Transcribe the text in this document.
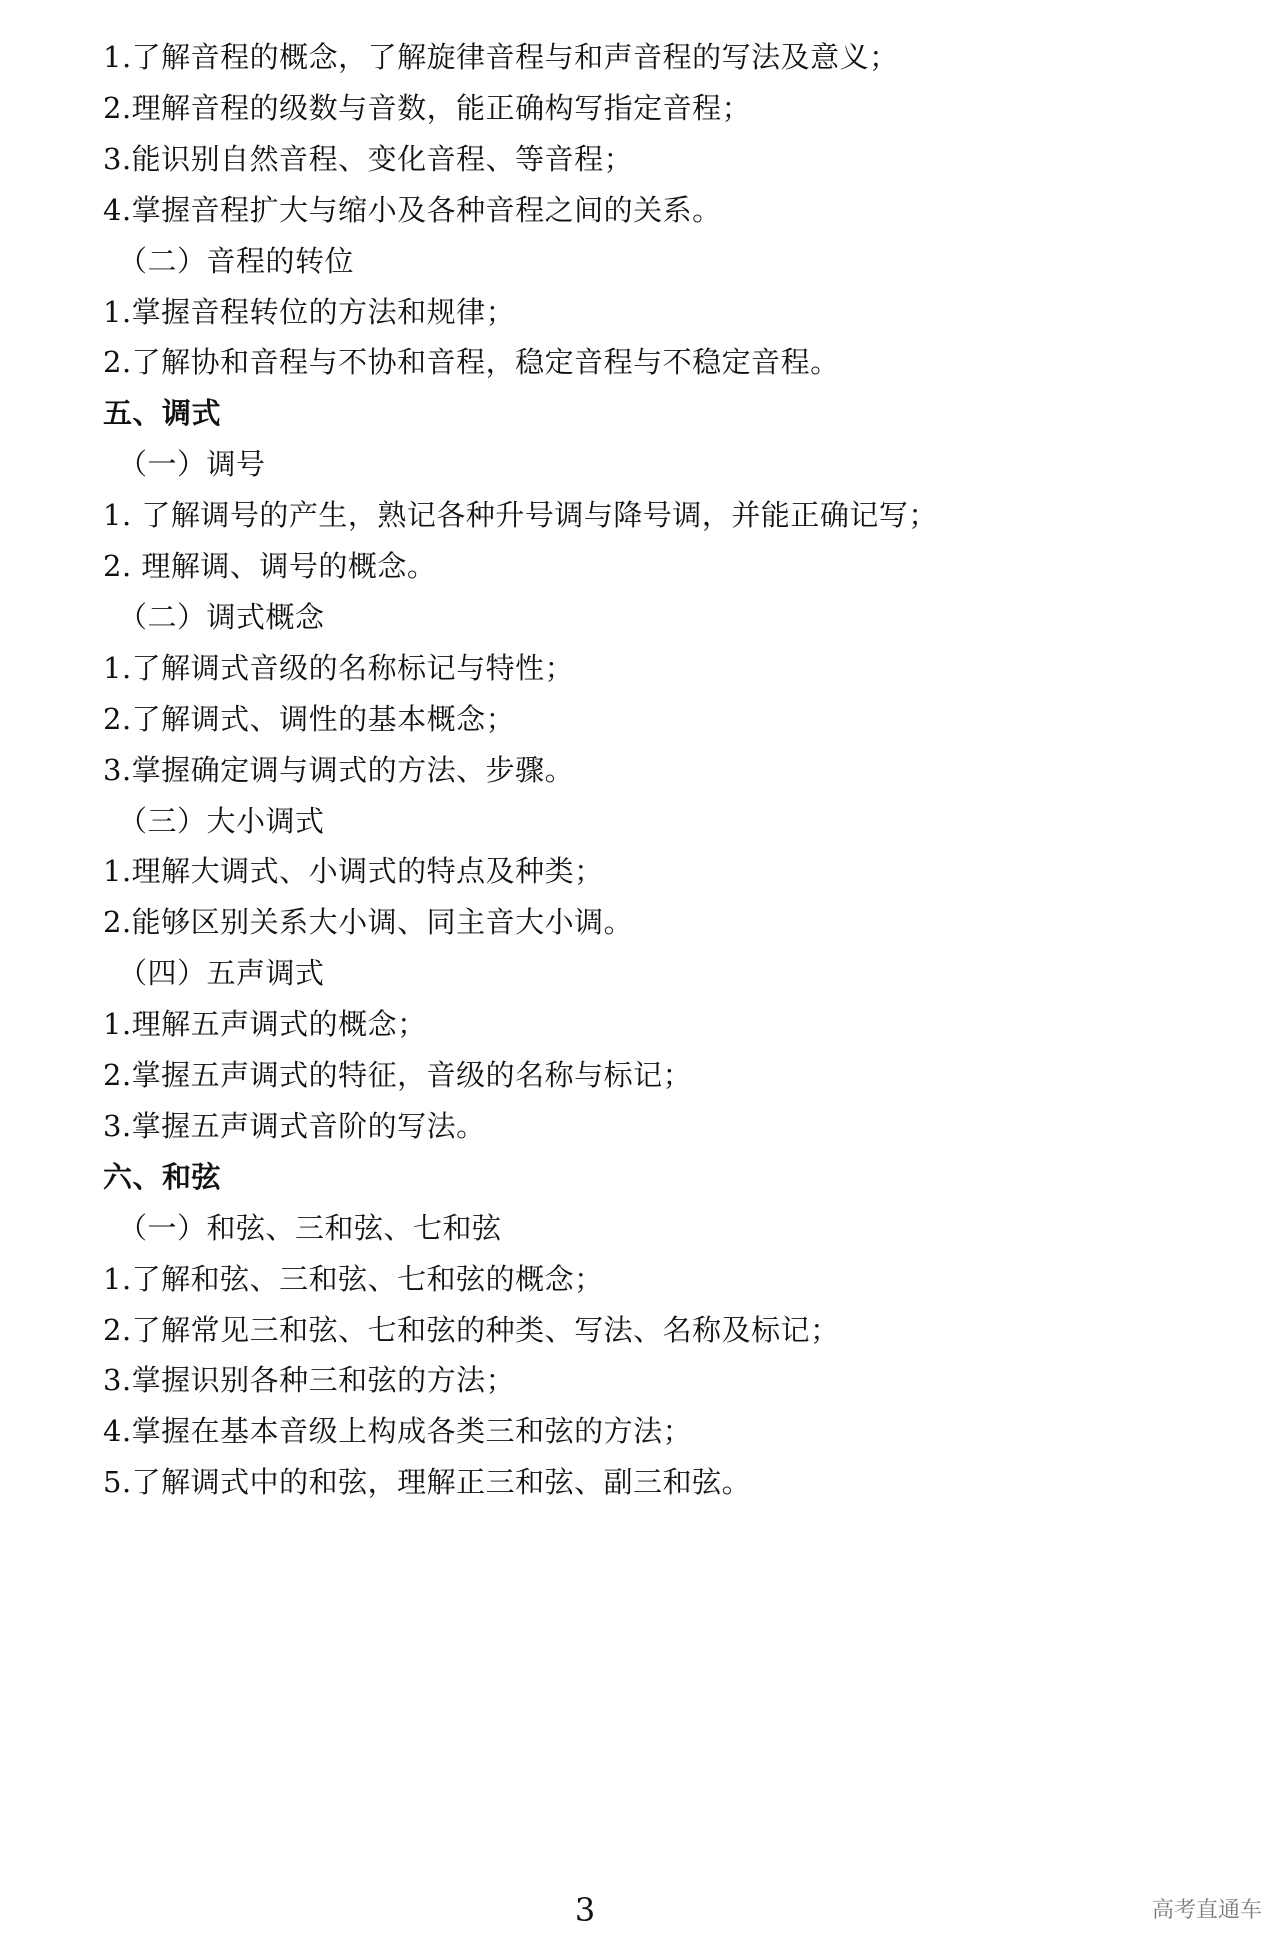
1.了解音程的概念，了解旋律音程与和声音程的写法及意义；
2.理解音程的级数与音数，能正确构写指定音程；
3.能识别自然音程、变化音程、等音程；
4.掌握音程扩大与缩小及各种音程之间的关系。
（二）音程的转位
1.掌握音程转位的方法和规律；
2.了解协和音程与不协和音程，稳定音程与不稳定音程。
五、调式
（一）调号
1. 了解调号的产生，熟记各种升号调与降号调，并能正确记写；
2. 理解调、调号的概念。
（二）调式概念
1.了解调式音级的名称标记与特性；
2.了解调式、调性的基本概念；
3.掌握确定调与调式的方法、步骤。
（三）大小调式
1.理解大调式、小调式的特点及种类；
2.能够区别关系大小调、同主音大小调。
（四）五声调式
1.理解五声调式的概念；
2.掌握五声调式的特征，音级的名称与标记；
3.掌握五声调式音阶的写法。
六、和弦
（一）和弦、三和弦、七和弦
1.了解和弦、三和弦、七和弦的概念；
2.了解常见三和弦、七和弦的种类、写法、名称及标记；
3.掌握识别各种三和弦的方法；
4.掌握在基本音级上构成各类三和弦的方法；
5.了解调式中的和弦，理解正三和弦、副三和弦。
3	高考直通车
